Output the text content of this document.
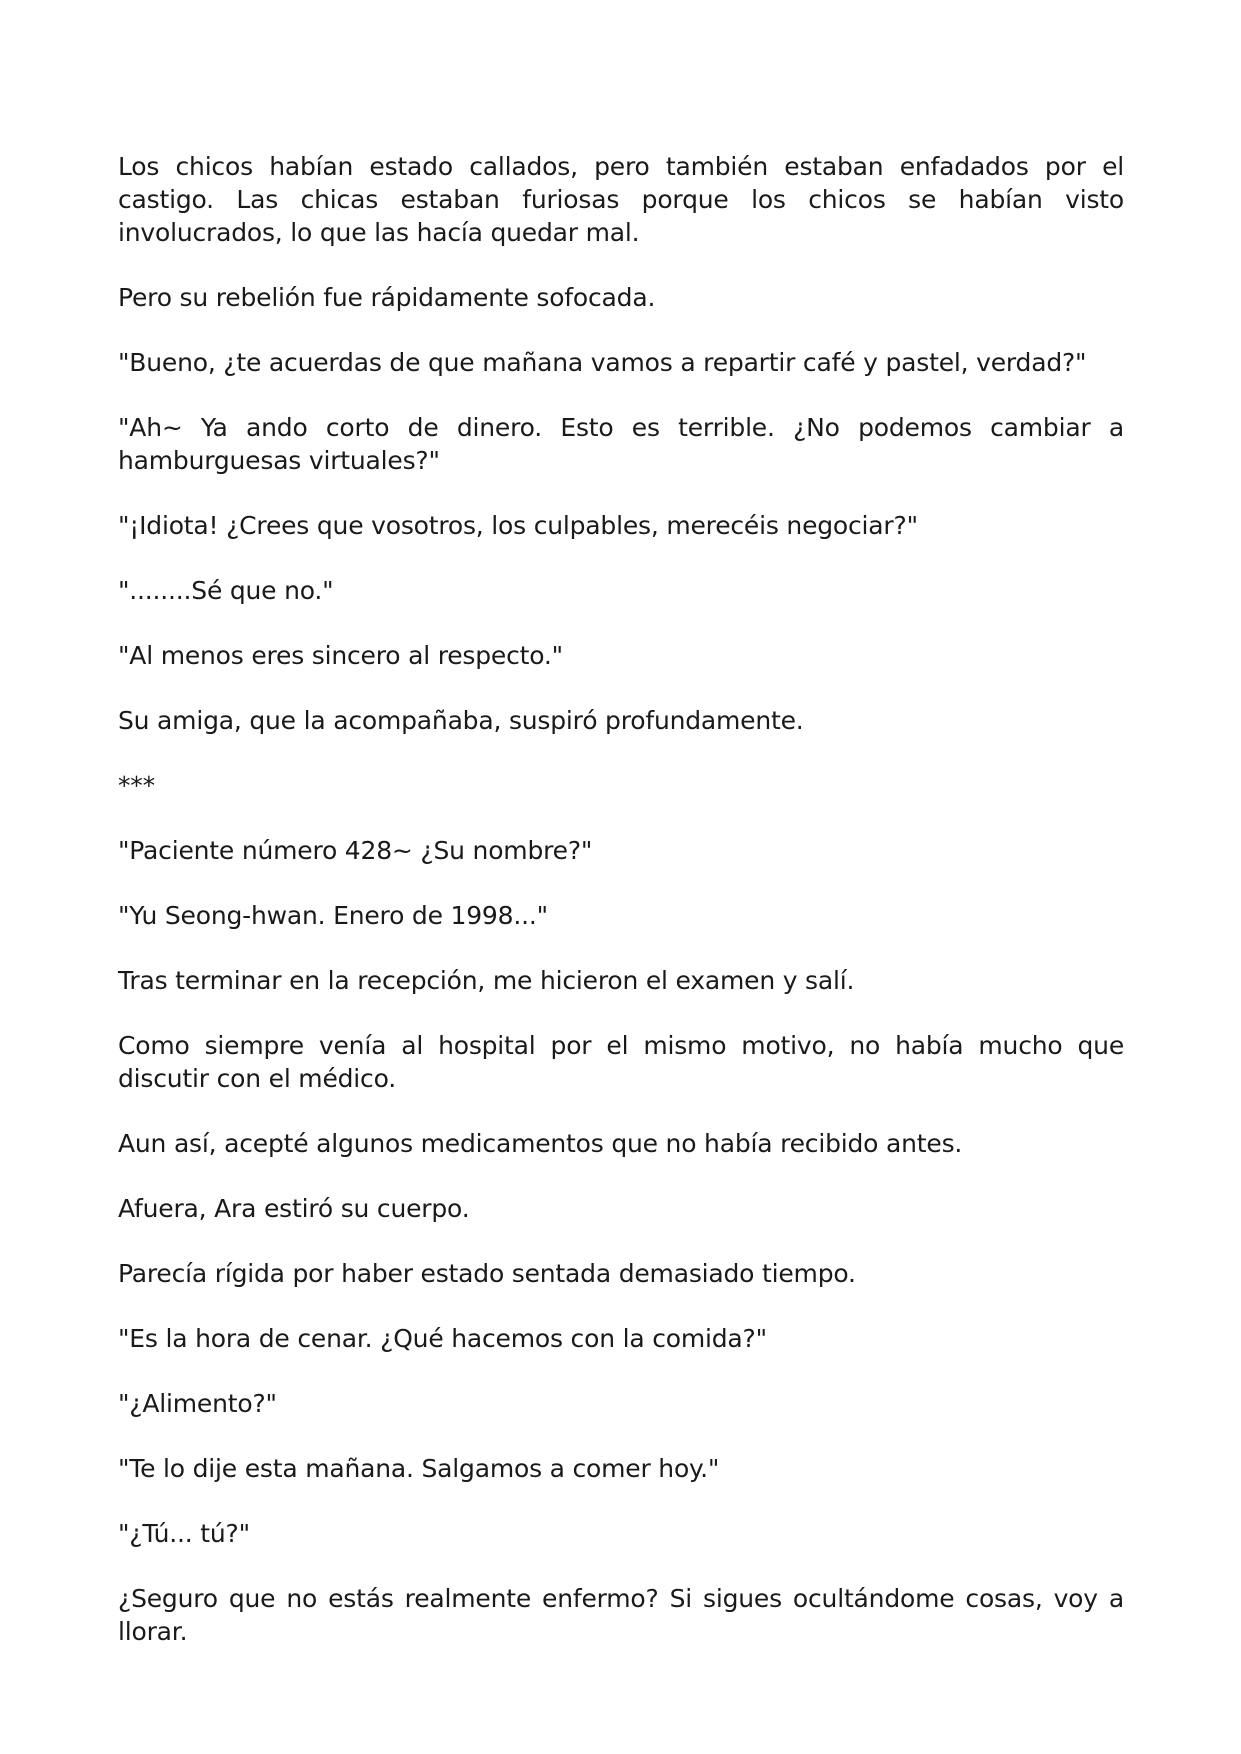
Los chicos habían estado callados, pero también estaban enfadados por el castigo. Las chicas estaban furiosas porque los chicos se habían visto involucrados, lo que las hacía quedar mal.

Pero su rebelión fue rápidamente sofocada.

"Bueno, ¿te acuerdas de que mañana vamos a repartir café y pastel, verdad?"

"Ah~ Ya ando corto de dinero. Esto es terrible. ¿No podemos cambiar a hamburguesas virtuales?"

"¡Idiota! ¿Crees que vosotros, los culpables, merecéis negociar?"

"........Sé que no."

"Al menos eres sincero al respecto."

Su amiga, que la acompañaba, suspiró profundamente.

***

"Paciente número 428~ ¿Su nombre?"

"Yu Seong-hwan. Enero de 1998..."

Tras terminar en la recepción, me hicieron el examen y salí.

Como siempre venía al hospital por el mismo motivo, no había mucho que discutir con el médico.

Aun así, acepté algunos medicamentos que no había recibido antes.

Afuera, Ara estiró su cuerpo.

Parecía rígida por haber estado sentada demasiado tiempo.

"Es la hora de cenar. ¿Qué hacemos con la comida?"

"¿Alimento?"

"Te lo dije esta mañana. Salgamos a comer hoy."

"¿Tú... tú?"

¿Seguro que no estás realmente enfermo? Si sigues ocultándome cosas, voy a llorar.
